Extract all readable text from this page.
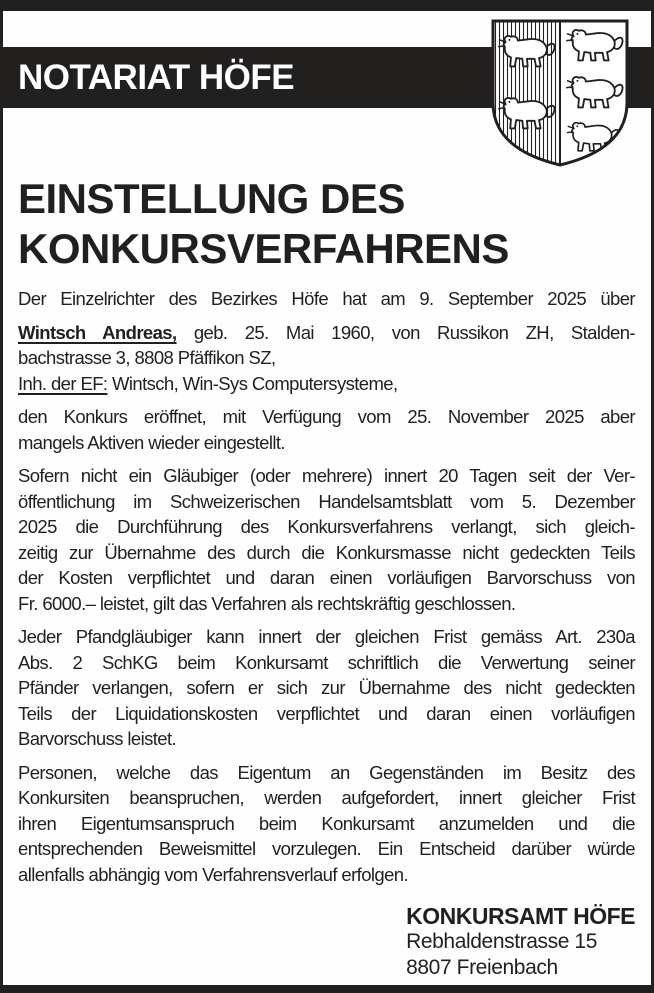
NOTARIAT HÖFE
EINSTELLUNG DES
KONKURSVERFAHRENS
Der Einzelrichter des Bezirkes Höfe hat am 9. September 2025 über
Wintsch Andreas, geb. 25. Mai 1960, von Russikon ZH, Stalden-
bachstrasse 3, 8808 Pfäffikon SZ,
Inh. der EF: Wintsch, Win-Sys Computersysteme,
den Konkurs eröffnet, mit Verfügung vom 25. November 2025 aber
mangels Aktiven wieder eingestellt.
Sofern nicht ein Gläubiger (oder mehrere) innert 20 Tagen seit der Ver-
öffentlichung im Schweizerischen Handelsamtsblatt vom 5. Dezember
2025 die Durchführung des Konkursverfahrens verlangt, sich gleich-
zeitig zur Übernahme des durch die Konkursmasse nicht gedeckten Teils
der Kosten verpflichtet und daran einen vorläufigen Barvorschuss von
Fr. 6000.– leistet, gilt das Verfahren als rechtskräftig geschlossen.
Jeder Pfandgläubiger kann innert der gleichen Frist gemäss Art. 230a
Abs. 2 SchKG beim Konkursamt schriftlich die Verwertung seiner
Pfänder verlangen, sofern er sich zur Übernahme des nicht gedeckten
Teils der Liquidationskosten verpflichtet und daran einen vorläufigen
Barvorschuss leistet.
Personen, welche das Eigentum an Gegenständen im Besitz des
Konkursiten beanspruchen, werden aufgefordert, innert gleicher Frist
ihren Eigentumsanspruch beim Konkursamt anzumelden und die
entsprechenden Beweismittel vorzulegen. Ein Entscheid darüber würde
allenfalls abhängig vom Verfahrensverlauf erfolgen.
KONKURSAMT HÖFE
Rebhaldenstrasse 15
8807 Freienbach
